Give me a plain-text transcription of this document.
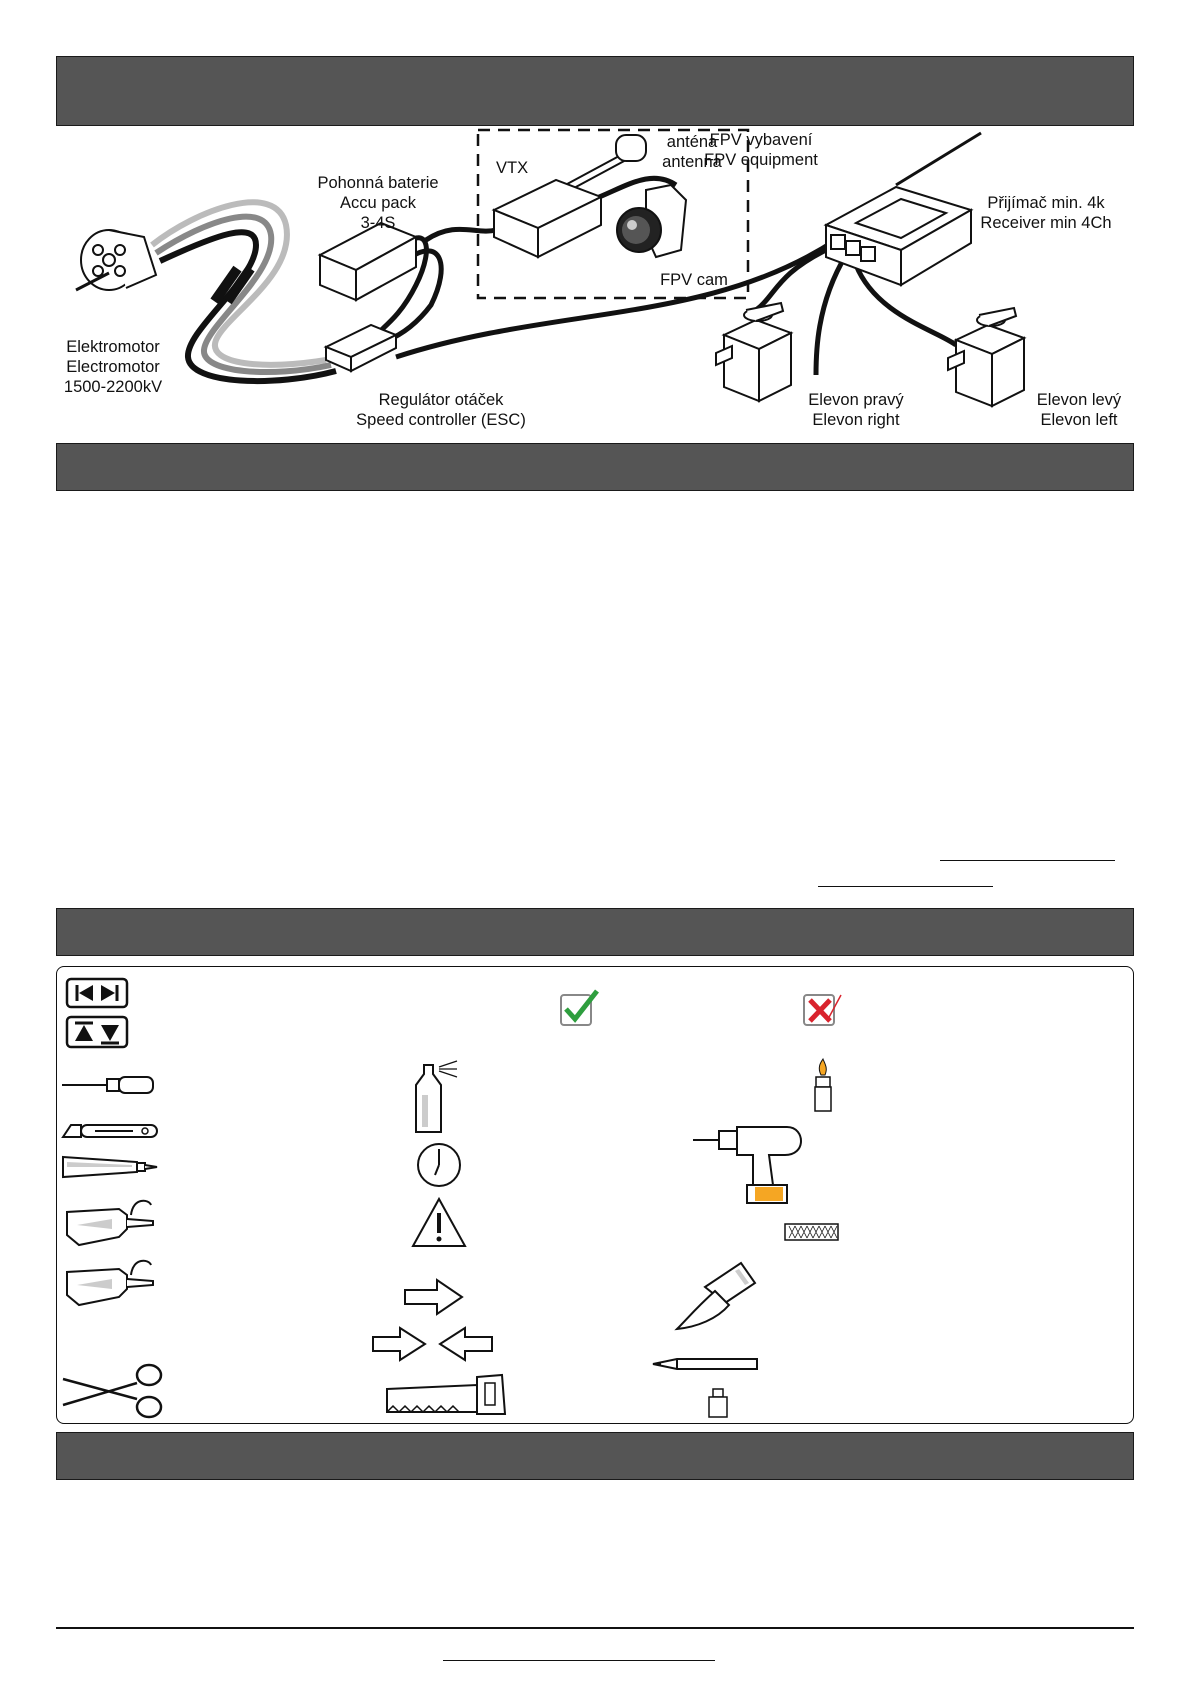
FPV vybavení
FPV equipment
VTX
anténa
antenna
FPV cam
Pohonná baterie
Accu pack
3-4S
Elektromotor
Electromotor
1500-2200kV
Regulátor otáček
Speed controller (ESC)
Přijímač min. 4k
Receiver min 4Ch
Elevon pravý
Elevon right
Elevon levý
Elevon left
